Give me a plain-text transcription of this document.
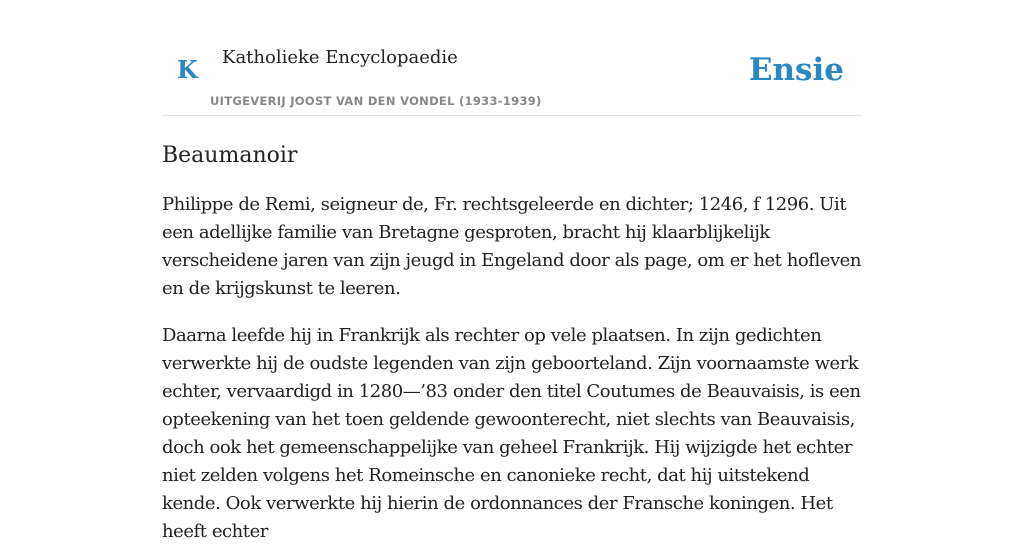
K Katholieke Encyclopaedie
UITGEVERIJ JOOST VAN DEN VONDEL (1933-1939)
Ensie
Beaumanoir

Philippe de Remi, seigneur de, Fr. rechtsgeleerde en dichter; 1246, f 1296. Uit een adellijke familie van Bretagne gesproten, bracht hij klaarblijkelijk verscheidene jaren van zijn jeugd in Engeland door als page, om er het hofleven en de krijgskunst te leeren.

Daarna leefde hij in Frankrijk als rechter op vele plaatsen. In zijn gedichten verwerkte hij de oudste legenden van zijn geboorteland. Zijn voornaamste werk echter, vervaardigd in 1280—’83 onder den titel Coutumes de Beauvaisis, is een opteekening van het toen geldende gewoonterecht, niet slechts van Beauvaisis, doch ook het gemeenschappelijke van geheel Frankrijk. Hij wijzigde het echter niet zelden volgens het Romeinsche en canonieke recht, dat hij uitstekend kende. Ook verwerkte hij hierin de ordonnances der Fransche koningen. Het heeft echter
